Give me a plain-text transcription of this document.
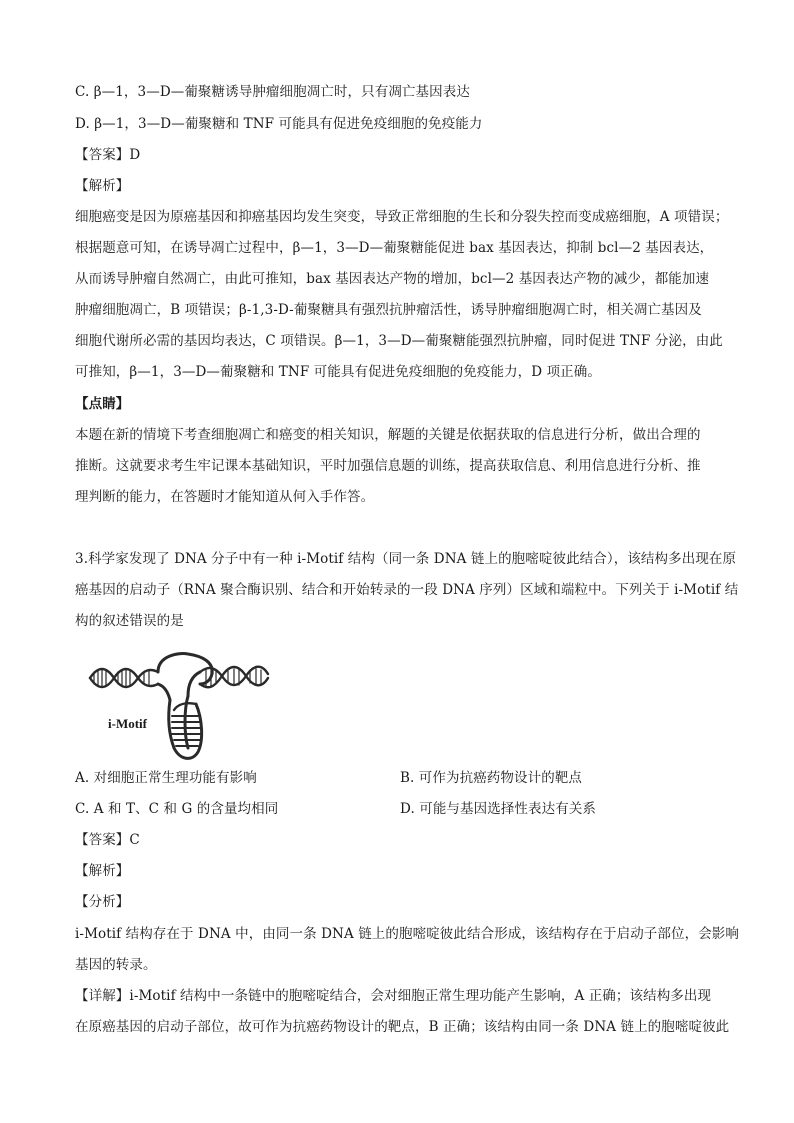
C. β—1，3—D—葡聚糖诱导肿瘤细胞凋亡时，只有凋亡基因表达
D. β—1，3—D—葡聚糖和 TNF 可能具有促进免疫细胞的免疫能力
【答案】D
【解析】
细胞癌变是因为原癌基因和抑癌基因均发生突变，导致正常细胞的生长和分裂失控而变成癌细胞，A 项错误；
根据题意可知，在诱导凋亡过程中，β—1，3—D—葡聚糖能促进 bax 基因表达，抑制 bcl—2 基因表达，
从而诱导肿瘤自然凋亡，由此可推知，bax 基因表达产物的增加，bcl—2 基因表达产物的减少，都能加速
肿瘤细胞凋亡，B 项错误；β-1,3-D-葡聚糖具有强烈抗肿瘤活性，诱导肿瘤细胞凋亡时，相关凋亡基因及
细胞代谢所必需的基因均表达，C 项错误。β—1，3—D—葡聚糖能强烈抗肿瘤，同时促进 TNF 分泌，由此
可推知，β—1，3—D—葡聚糖和 TNF 可能具有促进免疫细胞的免疫能力，D 项正确。
【点睛】
本题在新的情境下考查细胞凋亡和癌变的相关知识，解题的关键是依据获取的信息进行分析，做出合理的
推断。这就要求考生牢记课本基础知识，平时加强信息题的训练，提高获取信息、利用信息进行分析、推
理判断的能力，在答题时才能知道从何入手作答。
3.科学家发现了 DNA 分子中有一种 i-Motif 结构（同一条 DNA 链上的胞嘧啶彼此结合），该结构多出现在原
癌基因的启动子（RNA 聚合酶识别、结合和开始转录的一段 DNA 序列）区域和端粒中。下列关于 i-Motif 结
构的叙述错误的是
i-Motif
A. 对细胞正常生理功能有影响	B. 可作为抗癌药物设计的靶点
C. A 和 T、C 和 G 的含量均相同	D. 可能与基因选择性表达有关系
【答案】C
【解析】
【分析】
i-Motif 结构存在于 DNA 中，由同一条 DNA 链上的胞嘧啶彼此结合形成，该结构存在于启动子部位，会影响
基因的转录。
【详解】i-Motif 结构中一条链中的胞嘧啶结合，会对细胞正常生理功能产生影响，A 正确；该结构多出现
在原癌基因的启动子部位，故可作为抗癌药物设计的靶点，B 正确；该结构由同一条 DNA 链上的胞嘧啶彼此
